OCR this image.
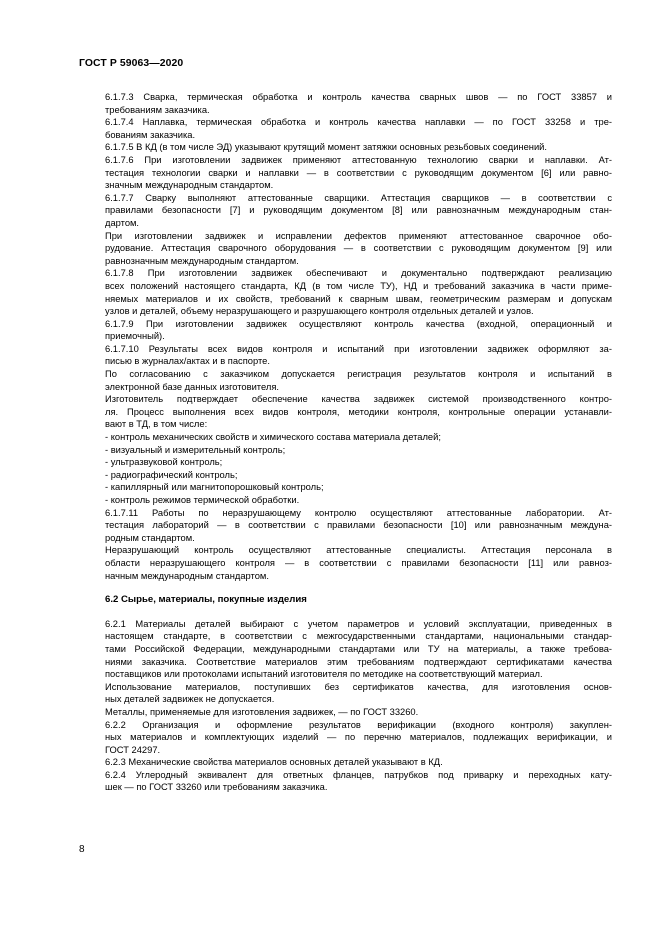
ГОСТ Р 59063—2020

6.1.7.3 Сварка, термическая обработка и контроль качества сварных швов — по ГОСТ 33857 и
требованиям заказчика.

6.1.7.4 Наплавка, термическая обработка и контроль качества наплавки — по ГОСТ 33258 и тре-
бованиям заказчика.

6.1.7.5 В КД (в том числе ЭД) указывают крутящий момент затяжки основных резьбовых соединений.

6.1.7.6 При изготовлении задвижек применяют аттестованную технологию сварки и наплавки. Ат-
тестация технологии сварки и наплавки — в соответствии с руководящим документом [6] или равно-
значным международным стандартом.

6.1.7.7 Сварку выполняют аттестованные сварщики. Аттестация сварщиков — в соответствии с
правилами безопасности [7] и руководящим документом [8] или равнозначным международным стан-
дартом.

При изготовлении задвижек и исправлении дефектов применяют аттестованное сварочное обо-
рудование. Аттестация сварочного оборудования — в соответствии с руководящим документом [9] или
равнозначным международным стандартом.

6.1.7.8 При изготовлении задвижек обеспечивают и документально подтверждают реализацию
всех положений настоящего стандарта, КД (в том числе ТУ), НД и требований заказчика в части приме-
няемых материалов и их свойств, требований к сварным швам, геометрическим размерам и допускам
узлов и деталей, объему неразрушающего и разрушающего контроля отдельных деталей и узлов.

6.1.7.9 При изготовлении задвижек осуществляют контроль качества (входной, операционный и
приемочный).

6.1.7.10 Результаты всех видов контроля и испытаний при изготовлении задвижек оформляют за-
писью в журналах/актах и в паспорте.

По согласованию с заказчиком допускается регистрация результатов контроля и испытаний в
электронной базе данных изготовителя.

Изготовитель подтверждает обеспечение качества задвижек системой производственного контро-
ля. Процесс выполнения всех видов контроля, методики контроля, контрольные операции устанавли-
вают в ТД, в том числе:

- контроль механических свойств и химического состава материала деталей;

- визуальный и измерительный контроль;

- ультразвуковой контроль;

- радиографический контроль;

- капиллярный или магнитопорошковый контроль;

- контроль режимов термической обработки.

6.1.7.11 Работы по неразрушающему контролю осуществляют аттестованные лаборатории. Ат-
тестация лабораторий — в соответствии с правилами безопасности [10] или равнозначным междуна-
родным стандартом.

Неразрушающий контроль осуществляют аттестованные специалисты. Аттестация персонала в
области неразрушающего контроля — в соответствии с правилами безопасности [11] или равноз-
начным международным стандартом.

6.2 Сырье, материалы, покупные изделия

6.2.1 Материалы деталей выбирают с учетом параметров и условий эксплуатации, приведенных в
настоящем стандарте, в соответствии с межгосударственными стандартами, национальными стандар-
тами Российской Федерации, международными стандартами или ТУ на материалы, а также требова-
ниями заказчика. Соответствие материалов этим требованиям подтверждают сертификатами качества
поставщиков или протоколами испытаний изготовителя по методике на соответствующий материал.

Использование материалов, поступивших без сертификатов качества, для изготовления основ-
ных деталей задвижек не допускается.

Металлы, применяемые для изготовления задвижек, — по ГОСТ 33260.

6.2.2 Организация и оформление результатов верификации (входного контроля) закуплен-
ных материалов и комплектующих изделий — по перечню материалов, подлежащих верификации, и
ГОСТ 24297.

6.2.3 Механические свойства материалов основных деталей указывают в КД.

6.2.4 Углеродный эквивалент для ответных фланцев, патрубков под приварку и переходных кату-
шек — по ГОСТ 33260 или требованиям заказчика.

8
